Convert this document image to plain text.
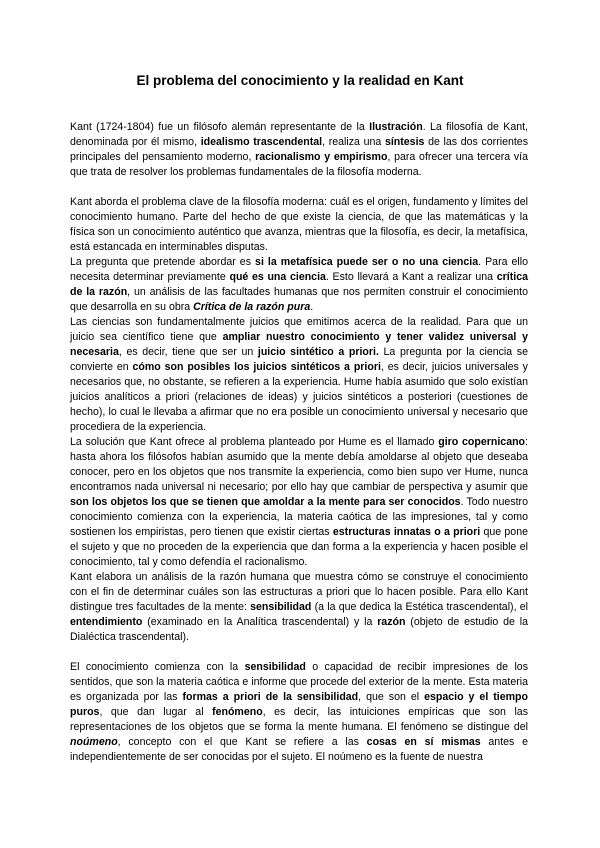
El problema del conocimiento y la realidad en Kant

Kant (1724-1804) fue un filósofo alemán representante de la Ilustración. La filosofía de Kant, denominada por él mismo, idealismo trascendental, realiza una síntesis de las dos corrientes principales del pensamiento moderno, racionalismo y empirismo, para ofrecer una tercera vía que trata de resolver los problemas fundamentales de la filosofía moderna.

Kant aborda el problema clave de la filosofía moderna: cuál es el origen, fundamento y límites del conocimiento humano. Parte del hecho de que existe la ciencia, de que las matemáticas y la física son un conocimiento auténtico que avanza, mientras que la filosofía, es decir, la metafísica, está estancada en interminables disputas.

La pregunta que pretende abordar es si la metafísica puede ser o no una ciencia. Para ello necesita determinar previamente qué es una ciencia. Esto llevará a Kant a realizar una crítica de la razón, un análisis de las facultades humanas que nos permiten construir el conocimiento que desarrolla en su obra Crítica de la razón pura.

Las ciencias son fundamentalmente juicios que emitimos acerca de la realidad. Para que un juicio sea científico tiene que ampliar nuestro conocimiento y tener validez universal y necesaria, es decir, tiene que ser un juicio sintético a priori. La pregunta por la ciencia se convierte en cómo son posibles los juicios sintéticos a priori, es decir, juicios universales y necesarios que, no obstante, se refieren a la experiencia. Hume había asumido que solo existían juicios analíticos a priori (relaciones de ideas) y juicios sintéticos a posteriori (cuestiones de hecho), lo cual le llevaba a afirmar que no era posible un conocimiento universal y necesario que procediera de la experiencia.

La solución que Kant ofrece al problema planteado por Hume es el llamado giro copernicano: hasta ahora los filósofos habían asumido que la mente debía amoldarse al objeto que deseaba conocer, pero en los objetos que nos transmite la experiencia, como bien supo ver Hume, nunca encontramos nada universal ni necesario; por ello hay que cambiar de perspectiva y asumir que son los objetos los que se tienen que amoldar a la mente para ser conocidos. Todo nuestro conocimiento comienza con la experiencia, la materia caótica de las impresiones, tal y como sostienen los empiristas, pero tienen que existir ciertas estructuras innatas o a priori que pone el sujeto y que no proceden de la experiencia que dan forma a la experiencia y hacen posible el conocimiento, tal y como defendía el racionalismo.

Kant elabora un análisis de la razón humana que muestra cómo se construye el conocimiento con el fin de determinar cuáles son las estructuras a priori que lo hacen posible. Para ello Kant distingue tres facultades de la mente: sensibilidad (a la que dedica la Estética trascendental), el entendimiento (examinado en la Analítica trascendental) y la razón (objeto de estudio de la Dialéctica trascendental).

El conocimiento comienza con la sensibilidad o capacidad de recibir impresiones de los sentidos, que son la materia caótica e informe que procede del exterior de la mente. Esta materia es organizada por las formas a priori de la sensibilidad, que son el espacio y el tiempo puros, que dan lugar al fenómeno, es decir, las intuiciones empíricas que son las representaciones de los objetos que se forma la mente humana. El fenómeno se distingue del noúmeno, concepto con el que Kant se refiere a las cosas en sí mismas antes e independientemente de ser conocidas por el sujeto. El noúmeno es la fuente de nuestra
